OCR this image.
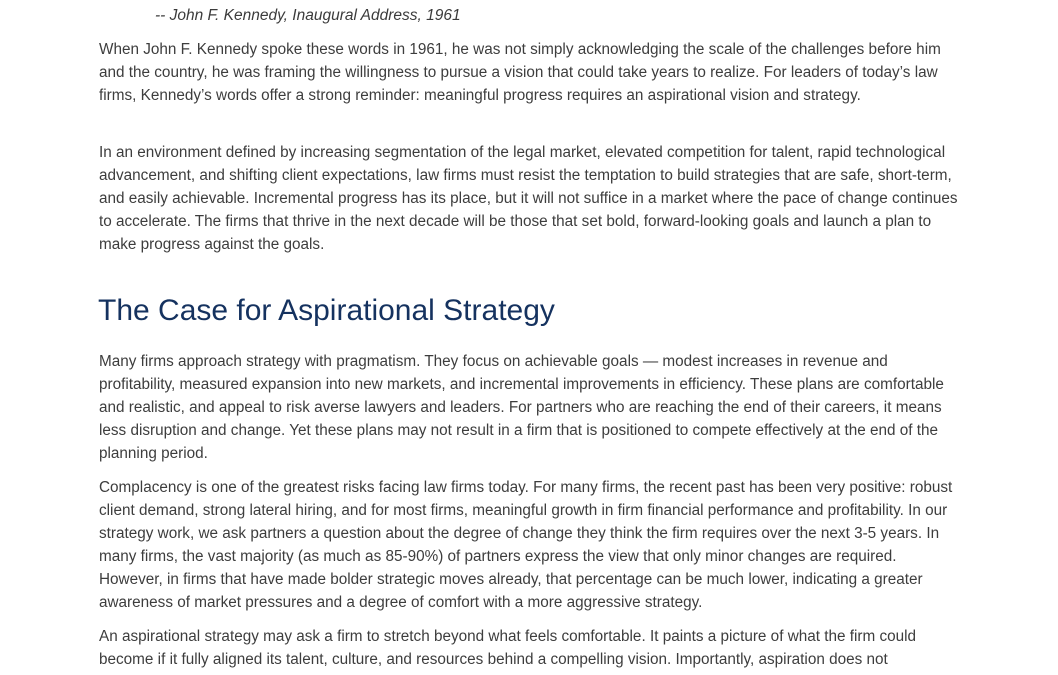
-- John F. Kennedy, Inaugural Address, 1961

When John F. Kennedy spoke these words in 1961, he was not simply acknowledging the scale of the challenges before him and the country, he was framing the willingness to pursue a vision that could take years to realize. For leaders of today’s law firms, Kennedy’s words offer a strong reminder: meaningful progress requires an aspirational vision and strategy.

In an environment defined by increasing segmentation of the legal market, elevated competition for talent, rapid technological advancement, and shifting client expectations, law firms must resist the temptation to build strategies that are safe, short-term, and easily achievable. Incremental progress has its place, but it will not suffice in a market where the pace of change continues to accelerate. The firms that thrive in the next decade will be those that set bold, forward-looking goals and launch a plan to make progress against the goals.

The Case for Aspirational Strategy

Many firms approach strategy with pragmatism. They focus on achievable goals — modest increases in revenue and profitability, measured expansion into new markets, and incremental improvements in efficiency. These plans are comfortable and realistic, and appeal to risk averse lawyers and leaders. For partners who are reaching the end of their careers, it means less disruption and change. Yet these plans may not result in a firm that is positioned to compete effectively at the end of the planning period.

Complacency is one of the greatest risks facing law firms today. For many firms, the recent past has been very positive: robust client demand, strong lateral hiring, and for most firms, meaningful growth in firm financial performance and profitability. In our strategy work, we ask partners a question about the degree of change they think the firm requires over the next 3-5 years. In many firms, the vast majority (as much as 85-90%) of partners express the view that only minor changes are required. However, in firms that have made bolder strategic moves already, that percentage can be much lower, indicating a greater awareness of market pressures and a degree of comfort with a more aggressive strategy.

An aspirational strategy may ask a firm to stretch beyond what feels comfortable. It paints a picture of what the firm could become if it fully aligned its talent, culture, and resources behind a compelling vision. Importantly, aspiration does not
